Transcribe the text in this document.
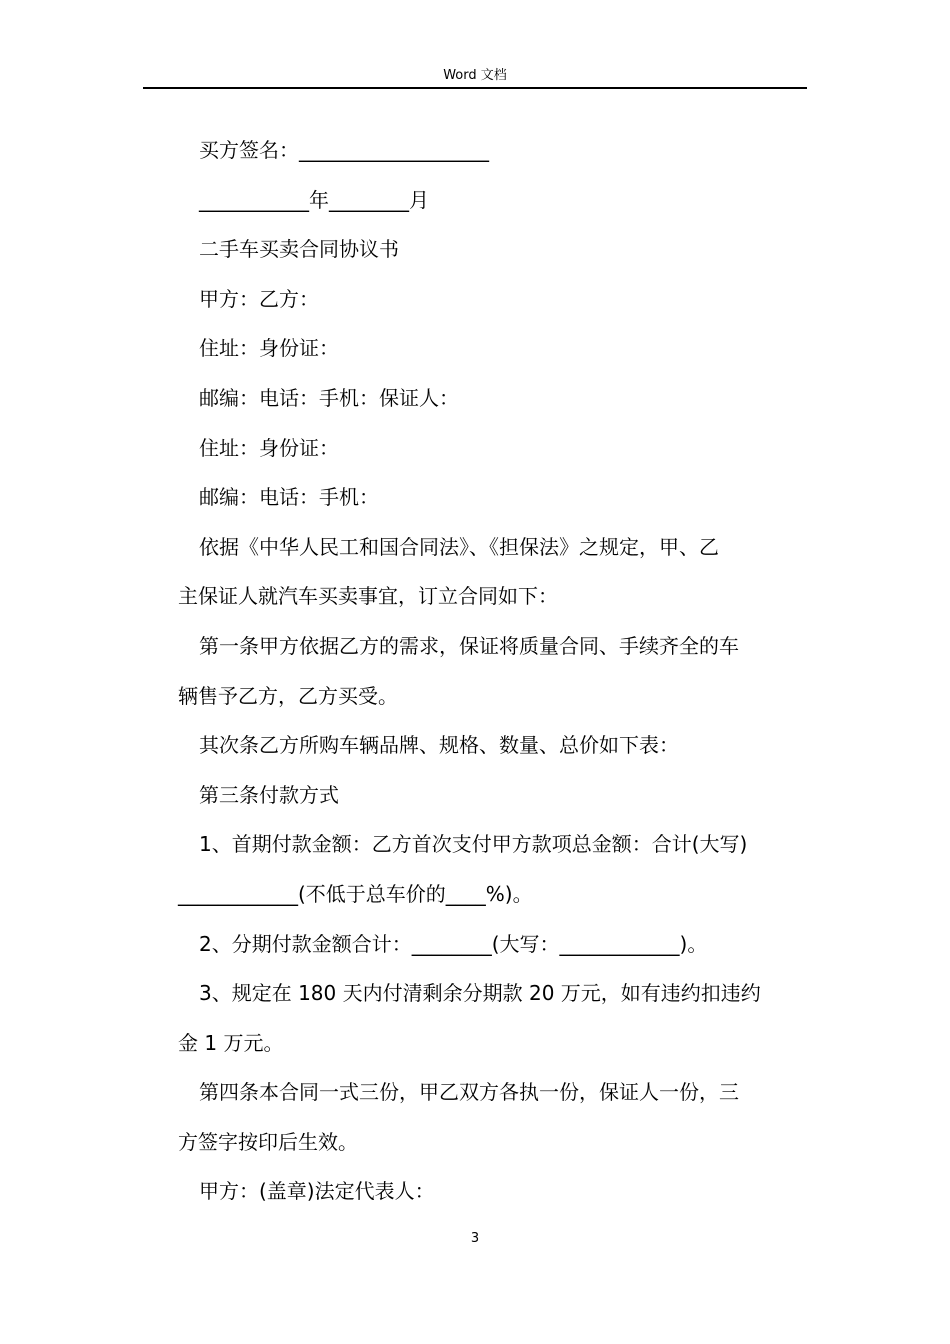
Word 文档

买方签名：___________________

___________年________月

二手车买卖合同协议书

甲方：乙方：

住址：身份证：

邮编：电话：手机：保证人：

住址：身份证：

邮编：电话：手机：

依据《中华人民工和国合同法》、《担保法》之规定，甲、乙

主保证人就汽车买卖事宜，订立合同如下：

第一条甲方依据乙方的需求，保证将质量合同、手续齐全的车

辆售予乙方，乙方买受。

其次条乙方所购车辆品牌、规格、数量、总价如下表：

第三条付款方式

1、首期付款金额：乙方首次支付甲方款项总金额：合计(大写)

____________(不低于总车价的____%)。

2、分期付款金额合计：________(大写：____________)。

3、规定在 180 天内付清剩余分期款 20 万元，如有违约扣违约

金 1 万元。

第四条本合同一式三份，甲乙双方各执一份，保证人一份，三

方签字按印后生效。

甲方：(盖章)法定代表人：

3
